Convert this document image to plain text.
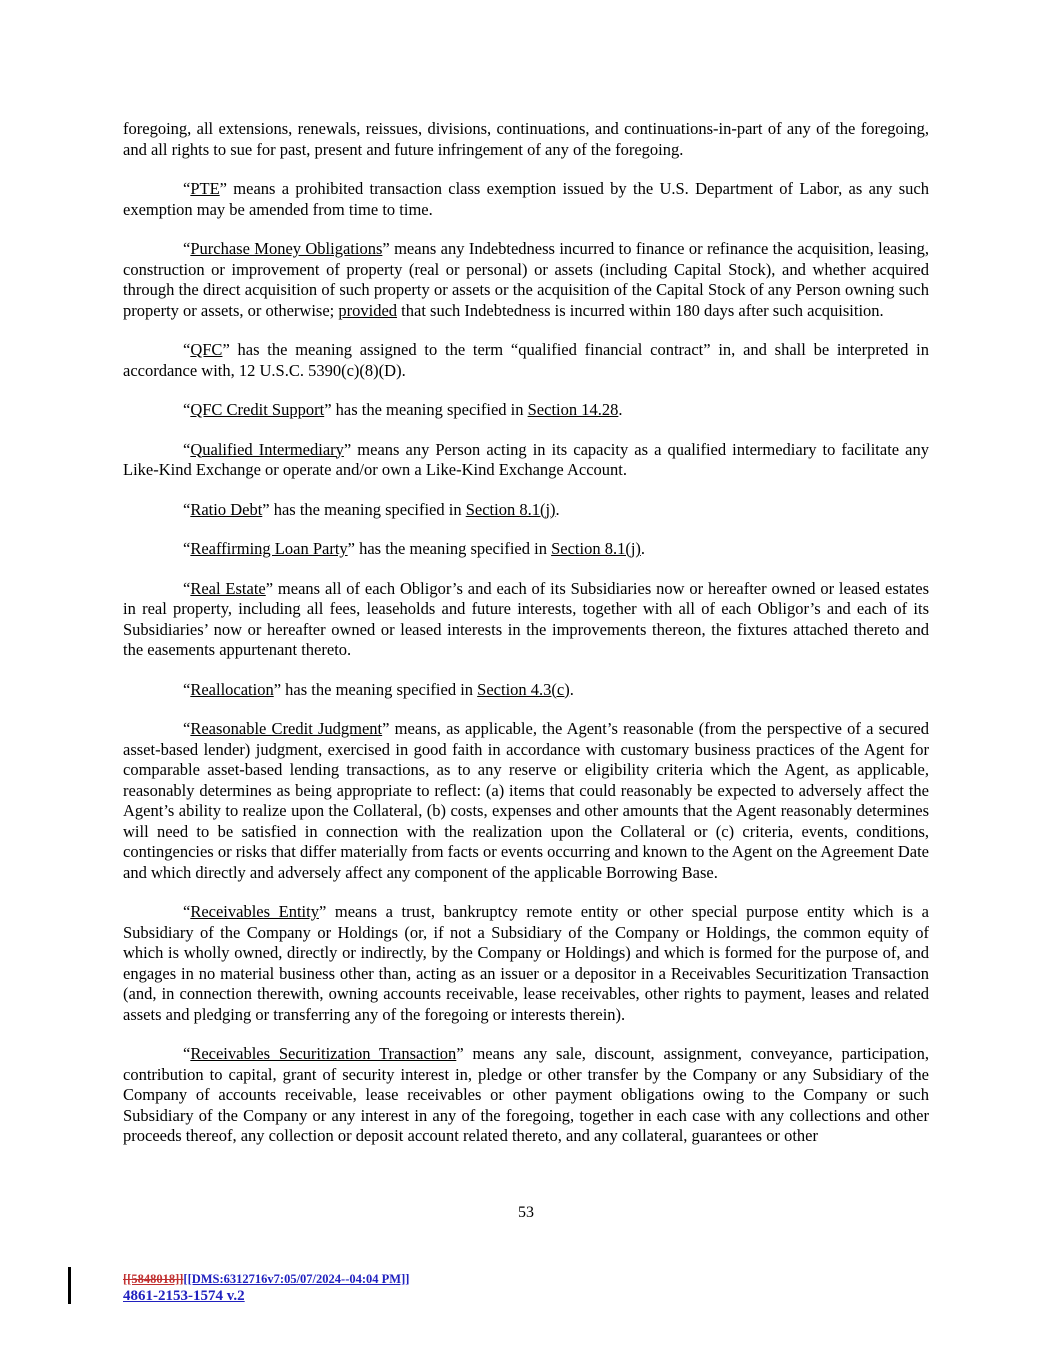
foregoing, all extensions, renewals, reissues, divisions, continuations, and continuations-in-part of any of the foregoing, and all rights to sue for past, present and future infringement of any of the foregoing.

“PTE” means a prohibited transaction class exemption issued by the U.S. Department of Labor, as any such exemption may be amended from time to time.

“Purchase Money Obligations” means any Indebtedness incurred to finance or refinance the acquisition, leasing, construction or improvement of property (real or personal) or assets (including Capital Stock), and whether acquired through the direct acquisition of such property or assets or the acquisition of the Capital Stock of any Person owning such property or assets, or otherwise; provided that such Indebtedness is incurred within 180 days after such acquisition.

“QFC” has the meaning assigned to the term “qualified financial contract” in, and shall be interpreted in accordance with, 12 U.S.C. 5390(c)(8)(D).

“QFC Credit Support” has the meaning specified in Section 14.28.

“Qualified Intermediary” means any Person acting in its capacity as a qualified intermediary to facilitate any Like-Kind Exchange or operate and/or own a Like-Kind Exchange Account.

“Ratio Debt” has the meaning specified in Section 8.1(j).

“Reaffirming Loan Party” has the meaning specified in Section 8.1(j).

“Real Estate” means all of each Obligor’s and each of its Subsidiaries now or hereafter owned or leased estates in real property, including all fees, leaseholds and future interests, together with all of each Obligor’s and each of its Subsidiaries’ now or hereafter owned or leased interests in the improvements thereon, the fixtures attached thereto and the easements appurtenant thereto.

“Reallocation” has the meaning specified in Section 4.3(c).

“Reasonable Credit Judgment” means, as applicable, the Agent’s reasonable (from the perspective of a secured asset-based lender) judgment, exercised in good faith in accordance with customary business practices of the Agent for comparable asset-based lending transactions, as to any reserve or eligibility criteria which the Agent, as applicable, reasonably determines as being appropriate to reflect: (a) items that could reasonably be expected to adversely affect the Agent’s ability to realize upon the Collateral, (b) costs, expenses and other amounts that the Agent reasonably determines will need to be satisfied in connection with the realization upon the Collateral or (c) criteria, events, conditions, contingencies or risks that differ materially from facts or events occurring and known to the Agent on the Agreement Date and which directly and adversely affect any component of the applicable Borrowing Base.

“Receivables Entity” means a trust, bankruptcy remote entity or other special purpose entity which is a Subsidiary of the Company or Holdings (or, if not a Subsidiary of the Company or Holdings, the common equity of which is wholly owned, directly or indirectly, by the Company or Holdings) and which is formed for the purpose of, and engages in no material business other than, acting as an issuer or a depositor in a Receivables Securitization Transaction (and, in connection therewith, owning accounts receivable, lease receivables, other rights to payment, leases and related assets and pledging or transferring any of the foregoing or interests therein).

“Receivables Securitization Transaction” means any sale, discount, assignment, conveyance, participation, contribution to capital, grant of security interest in, pledge or other transfer by the Company or any Subsidiary of the Company of accounts receivable, lease receivables or other payment obligations owing to the Company or such Subsidiary of the Company or any interest in any of the foregoing, together in each case with any collections and other proceeds thereof, any collection or deposit account related thereto, and any collateral, guarantees or other

53
[[5848018]][[DMS:6312716v7:05/07/2024--04:04 PM]]
4861-2153-1574 v.2
